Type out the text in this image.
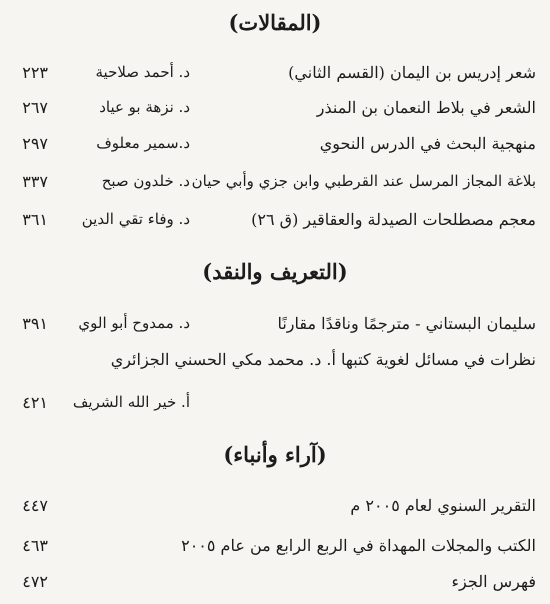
(المقالات)
شعر إدريس بن اليمان (القسم الثاني)
د. أحمد صلاحية
٢٢٣
الشعر في بلاط النعمان بن المنذر
د. نزهة بو عياد
٢٦٧
منهجية البحث في الدرس النحوي
د.سمير معلوف
٢٩٧
بلاغة المجاز المرسل عند القرطبي وابن جزي وأبي حيان
د. خلدون صبح
٣٣٧
معجم مصطلحات الصيدلة والعقاقير (ق ٢٦)
د. وفاء تقي الدين
٣٦١
(التعريف والنقد)
سليمان البستاني - مترجمًا وناقدًا مقارنًا
د. ممدوح أبو الوي
٣٩١
نظرات في مسائل لغوية كتبها أ. د. محمد مكي الحسني الجزائري
أ. خير الله الشريف
٤٢١
(آراء وأنباء)
التقرير السنوي لعام ٢٠٠٥ م
٤٤٧
الكتب والمجلات المهداة في الربع الرابع من عام ٢٠٠٥
٤٦٣
فهرس الجزء
٤٧٢
